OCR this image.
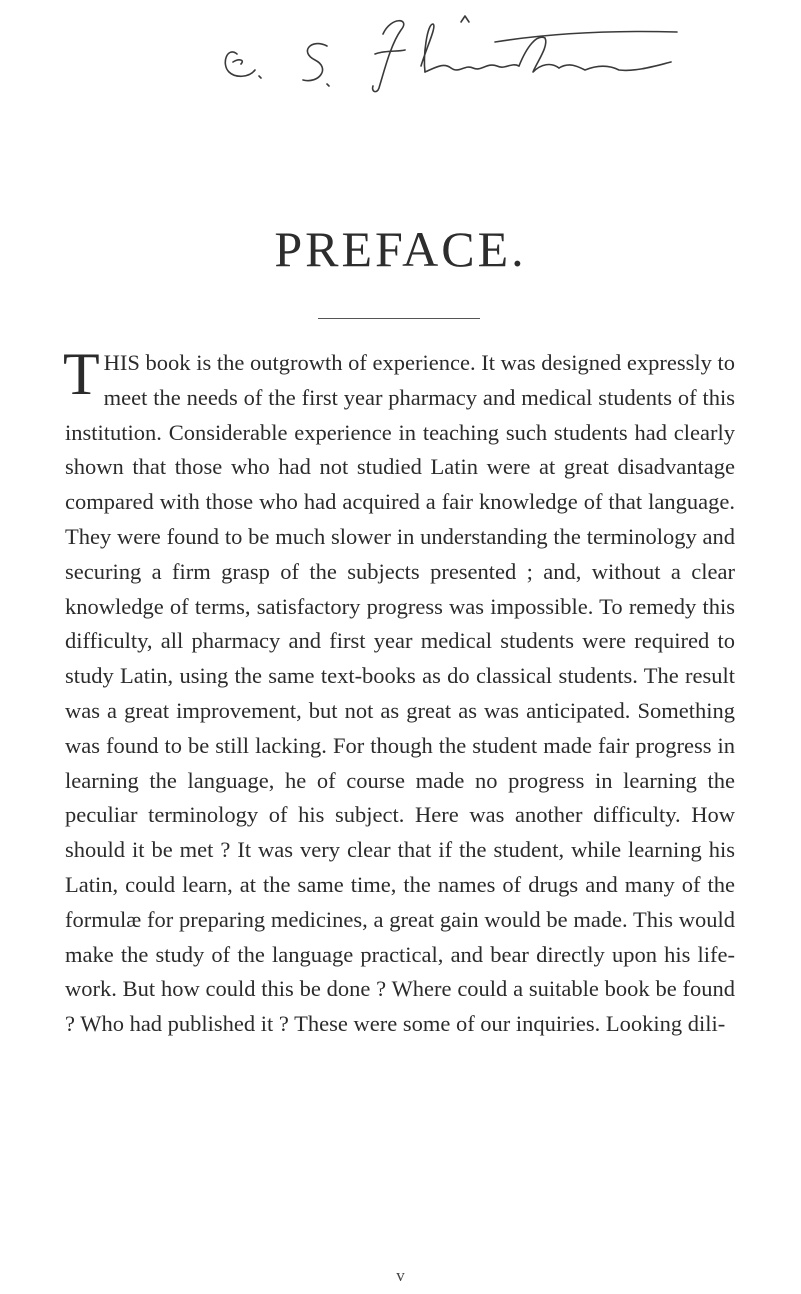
PREFACE.

THIS book is the outgrowth of experience. It was designed expressly to meet the needs of the first year pharmacy and medical students of this institution. Considerable experience in teaching such students had clearly shown that those who had not studied Latin were at great disadvantage compared with those who had acquired a fair knowledge of that language. They were found to be much slower in understanding the terminology and securing a firm grasp of the subjects presented ; and, without a clear knowledge of terms, satisfactory progress was impossible. To remedy this difficulty, all pharmacy and first year medical students were required to study Latin, using the same text-books as do classical students. The result was a great improvement, but not as great as was anticipated. Something was found to be still lacking. For though the student made fair progress in learning the language, he of course made no progress in learning the peculiar terminology of his subject. Here was another difficulty. How should it be met ? It was very clear that if the student, while learning his Latin, could learn, at the same time, the names of drugs and many of the formulæ for preparing medicines, a great gain would be made. This would make the study of the language practical, and bear directly upon his life-work. But how could this be done ? Where could a suitable book be found ? Who had published it ? These were some of our inquiries. Looking dili-

v
